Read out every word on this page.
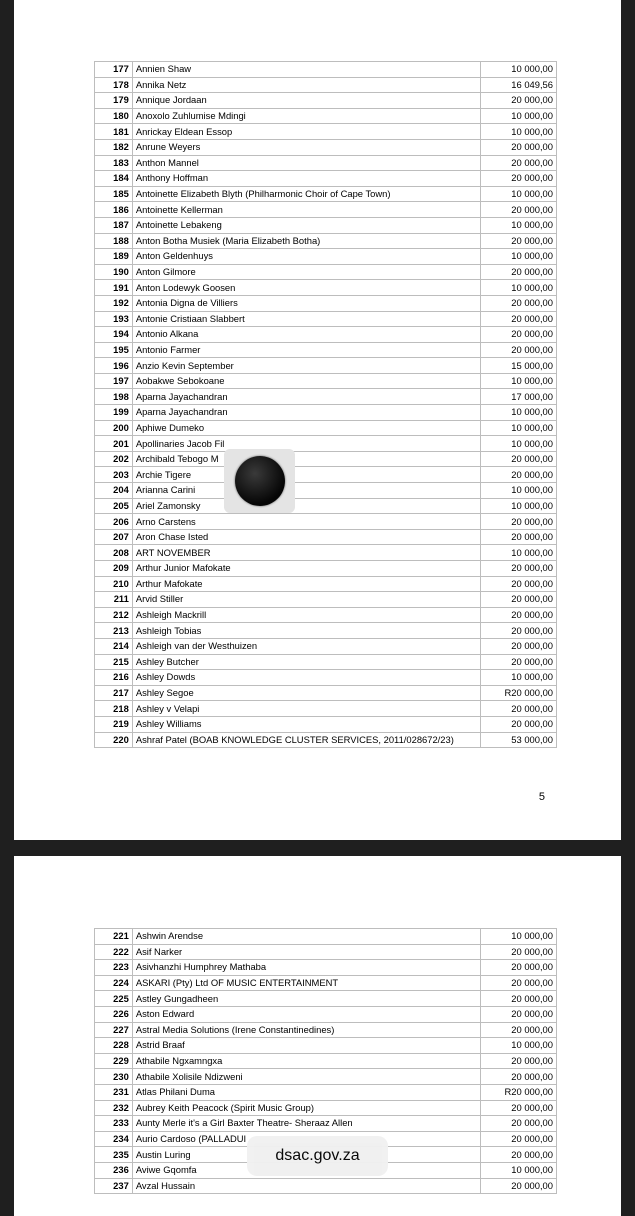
177	Annien Shaw	10 000,00
178	Annika Netz	16 049,56
179	Annique Jordaan	20 000,00
180	Anoxolo Zuhlumise Mdingi	10 000,00
181	Anrickay Eldean Essop	10 000,00
182	Anrune Weyers	20 000,00
183	Anthon Mannel	20 000,00
184	Anthony Hoffman	20 000,00
185	Antoinette Elizabeth Blyth (Philharmonic Choir of Cape Town)	10 000,00
186	Antoinette Kellerman	20 000,00
187	Antoinette Lebakeng	10 000,00
188	Anton Botha Musiek (Maria Elizabeth Botha)	20 000,00
189	Anton Geldenhuys	10 000,00
190	Anton Gilmore	20 000,00
191	Anton Lodewyk Goosen	10 000,00
192	Antonia Digna de Villiers	20 000,00
193	Antonie Cristiaan Slabbert	20 000,00
194	Antonio Alkana	20 000,00
195	Antonio Farmer	20 000,00
196	Anzio Kevin September	15 000,00
197	Aobakwe Sebokoane	10 000,00
198	Aparna Jayachandran	17 000,00
199	Aparna Jayachandran	10 000,00
200	Aphiwe Dumeko	10 000,00
201	Apollinaries Jacob Fil	10 000,00
202	Archibald Tebogo M	20 000,00
203	Archie Tigere	20 000,00
204	Arianna Carini	10 000,00
205	Ariel Zamonsky	10 000,00
206	Arno Carstens	20 000,00
207	Aron Chase Isted	20 000,00
208	ART NOVEMBER	10 000,00
209	Arthur Junior Mafokate	20 000,00
210	Arthur Mafokate	20 000,00
211	Arvid Stiller	20 000,00
212	Ashleigh Mackrill	20 000,00
213	Ashleigh Tobias	20 000,00
214	Ashleigh van der Westhuizen	20 000,00
215	Ashley Butcher	20 000,00
216	Ashley Dowds	10 000,00
217	Ashley Segoe	R20 000,00
218	Ashley v Velapi	20 000,00
219	Ashley Williams	20 000,00
220	Ashraf Patel (BOAB KNOWLEDGE CLUSTER SERVICES, 2011/028672/23)	53 000,00
5
221	Ashwin Arendse	10 000,00
222	Asif Narker	20 000,00
223	Asivhanzhi Humphrey Mathaba	20 000,00
224	ASKARI (Pty) Ltd OF MUSIC ENTERTAINMENT	20 000,00
225	Astley Gungadheen	20 000,00
226	Aston Edward	20 000,00
227	Astral Media Solutions (Irene Constantinedines)	20 000,00
228	Astrid Braaf	10 000,00
229	Athabile Ngxamngxa	20 000,00
230	Athabile Xolisile Ndizweni	20 000,00
231	Atlas Philani Duma	R20 000,00
232	Aubrey Keith Peacock (Spirit Music Group)	20 000,00
233	Aunty Merle it's a Girl Baxter Theatre- Sheraaz Allen	20 000,00
234	Aurio Cardoso (PALLADUI	20 000,00
235	Austin Luring	20 000,00
236	Aviwe Gqomfa	10 000,00
237	Avzal Hussain	20 000,00
dsac.gov.za
